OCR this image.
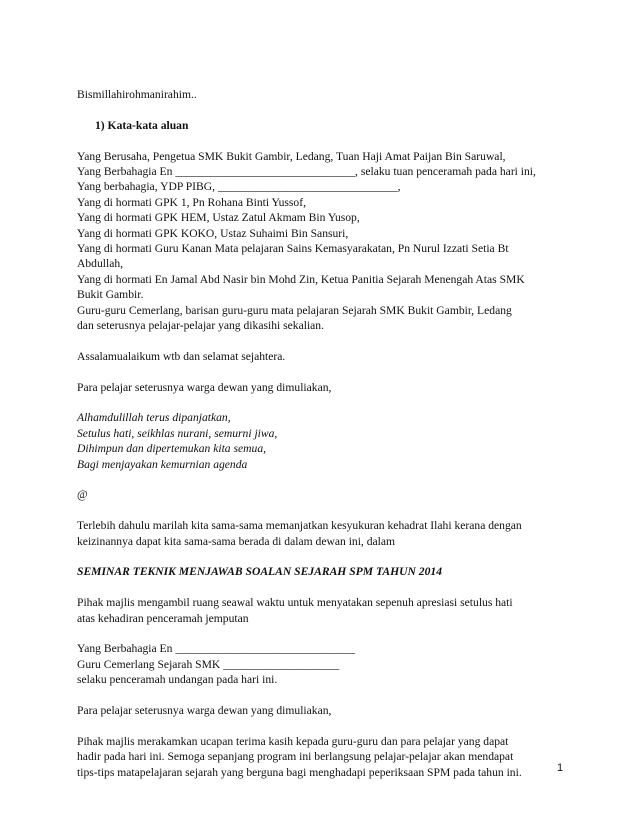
Bismillahirohmanirahim..
1) Kata-kata aluan
Yang Berusaha, Pengetua SMK Bukit Gambir, Ledang, Tuan Haji Amat Paijan Bin Saruwal,
Yang Berbahagia En _______________________________, selaku tuan penceramah pada hari ini,
Yang berbahagia, YDP PIBG, _______________________________,
Yang di hormati GPK 1, Pn Rohana Binti Yussof,
Yang di hormati GPK HEM, Ustaz Zatul Akmam Bin Yusop,
Yang di hormati GPK KOKO, Ustaz Suhaimi Bin Sansuri,
Yang di hormati Guru Kanan Mata pelajaran Sains Kemasyarakatan, Pn Nurul Izzati Setia Bt
Abdullah,
Yang di hormati En Jamal Abd Nasir bin Mohd Zin, Ketua Panitia Sejarah Menengah Atas SMK
Bukit Gambir.
Guru-guru Cemerlang, barisan guru-guru mata pelajaran Sejarah SMK Bukit Gambir, Ledang
dan seterusnya pelajar-pelajar yang dikasihi sekalian.
Assalamualaikum wtb dan selamat sejahtera.
Para pelajar seterusnya warga dewan yang dimuliakan,
Alhamdulillah terus dipanjatkan,
Setulus hati, seikhlas nurani, semurni jiwa,
Dihimpun dan dipertemukan kita semua,
Bagi menjayakan kemurnian agenda
@
Terlebih dahulu marilah kita sama-sama memanjatkan kesyukuran kehadrat Ilahi kerana dengan
keizinannya dapat kita sama-sama berada di dalam dewan ini, dalam
SEMINAR TEKNIK MENJAWAB SOALAN SEJARAH SPM TAHUN 2014
Pihak majlis mengambil ruang seawal waktu untuk menyatakan sepenuh apresiasi setulus hati
atas kehadiran penceramah jemputan
Yang Berbahagia En _______________________________
Guru Cemerlang Sejarah SMK ____________________
selaku penceramah undangan pada hari ini.
Para pelajar seterusnya warga dewan yang dimuliakan,
Pihak majlis merakamkan ucapan terima kasih kepada guru-guru dan para pelajar yang dapat
hadir pada hari ini. Semoga sepanjang program ini berlangsung pelajar-pelajar akan mendapat
tips-tips matapelajaran sejarah yang berguna bagi menghadapi peperiksaan SPM pada tahun ini.	1
